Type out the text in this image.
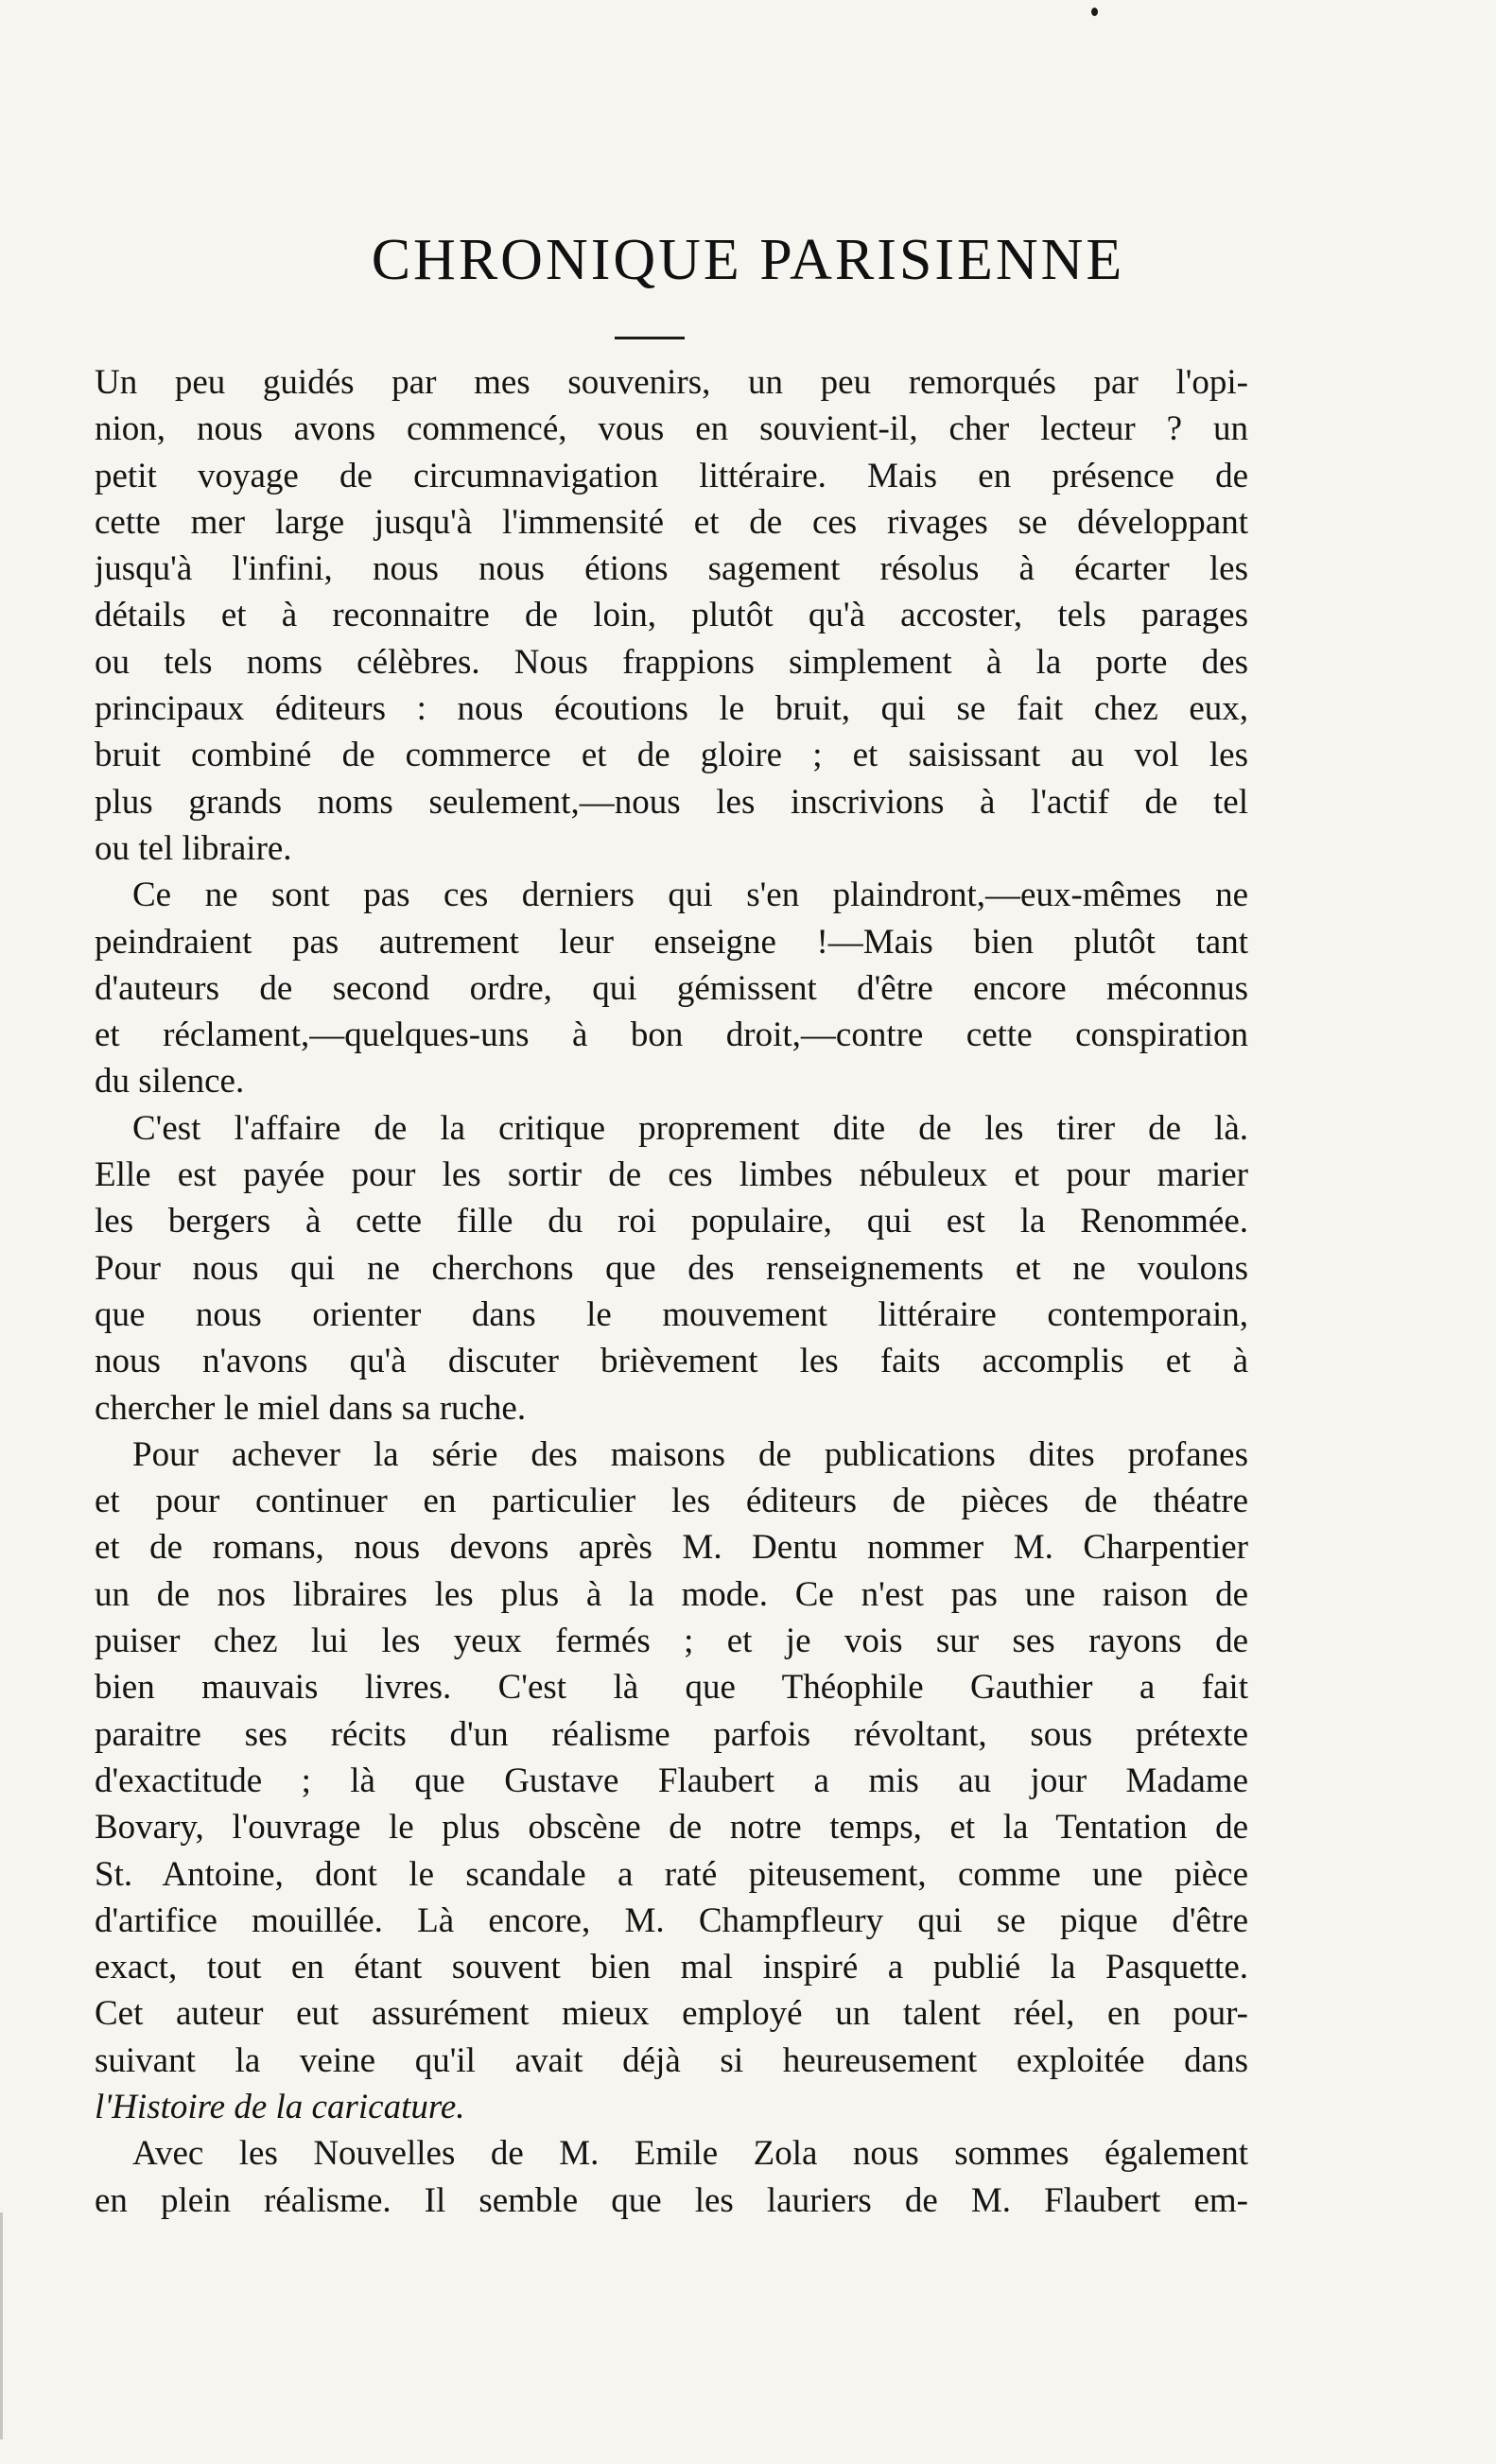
CHRONIQUE PARISIENNE
Un peu guidés par mes souvenirs, un peu remorqués par l'opi-
nion, nous avons commencé, vous en souvient-il, cher lecteur ? un
petit voyage de circumnavigation littéraire. Mais en présence de
cette mer large jusqu'à l'immensité et de ces rivages se développant
jusqu'à l'infini, nous nous étions sagement résolus à écarter les
détails et à reconnaitre de loin, plutôt qu'à accoster, tels parages
ou tels noms célèbres. Nous frappions simplement à la porte des
principaux éditeurs : nous écoutions le bruit, qui se fait chez eux,
bruit combiné de commerce et de gloire ; et saisissant au vol les
plus grands noms seulement,—nous les inscrivions à l'actif de tel
ou tel libraire.
Ce ne sont pas ces derniers qui s'en plaindront,—eux-mêmes ne
peindraient pas autrement leur enseigne !—Mais bien plutôt tant
d'auteurs de second ordre, qui gémissent d'être encore méconnus
et réclament,—quelques-uns à bon droit,—contre cette conspiration
du silence.
C'est l'affaire de la critique proprement dite de les tirer de là.
Elle est payée pour les sortir de ces limbes nébuleux et pour marier
les bergers à cette fille du roi populaire, qui est la Renommée.
Pour nous qui ne cherchons que des renseignements et ne voulons
que nous orienter dans le mouvement littéraire contemporain,
nous n'avons qu'à discuter brièvement les faits accomplis et à
chercher le miel dans sa ruche.
Pour achever la série des maisons de publications dites profanes
et pour continuer en particulier les éditeurs de pièces de théatre
et de romans, nous devons après M. Dentu nommer M. Charpentier
un de nos libraires les plus à la mode. Ce n'est pas une raison de
puiser chez lui les yeux fermés ; et je vois sur ses rayons de
bien mauvais livres. C'est là que Théophile Gauthier a fait
paraitre ses récits d'un réalisme parfois révoltant, sous prétexte
d'exactitude ; là que Gustave Flaubert a mis au jour Madame
Bovary, l'ouvrage le plus obscène de notre temps, et la Tentation de
St. Antoine, dont le scandale a raté piteusement, comme une pièce
d'artifice mouillée. Là encore, M. Champfleury qui se pique d'être
exact, tout en étant souvent bien mal inspiré a publié la Pasquette.
Cet auteur eut assurément mieux employé un talent réel, en pour-
suivant la veine qu'il avait déjà si heureusement exploitée dans
l'Histoire de la caricature.
Avec les Nouvelles de M. Emile Zola nous sommes également
en plein réalisme. Il semble que les lauriers de M. Flaubert em-
